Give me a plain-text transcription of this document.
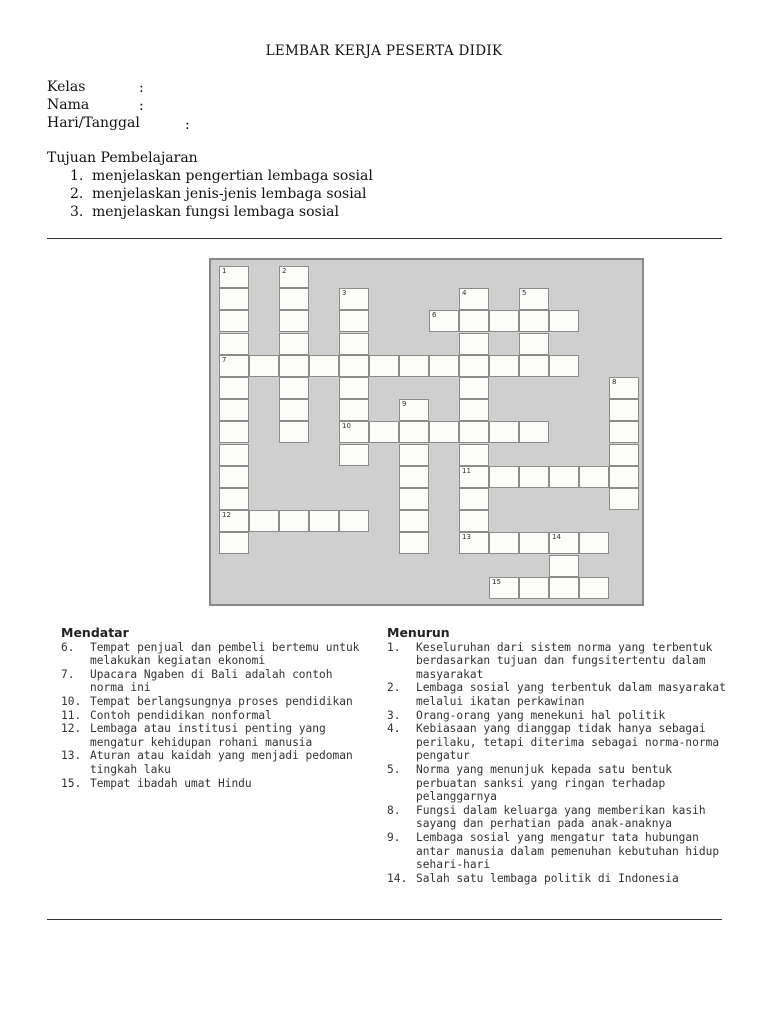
LEMBAR KERJA PESERTA DIDIK
Kelas	:
Nama	:
Hari/Tanggal	:
Tujuan Pembelajaran
1. menjelaskan pengertian lembaga sosial
2. menjelaskan jenis-jenis lembaga sosial
3. menjelaskan fungsi lembaga sosial
1
7
12
2
3
10
4
11
13
5
6
8
9
14
15
Mendatar
6.	Tempat penjual dan pembeli bertemu untuk melakukan kegiatan ekonomi
7.	Upacara Ngaben di Bali adalah contoh norma ini
10. Tempat berlangsungnya proses pendidikan
11. Contoh pendidikan nonformal
12. Lembaga atau institusi penting yang mengatur kehidupan rohani manusia
13. Aturan atau kaidah yang menjadi pedoman tingkah laku
15. Tempat ibadah umat Hindu
Menurun
1.	Keseluruhan dari sistem norma yang terbentuk berdasarkan tujuan dan fungsitertentu dalam masyarakat
2.	Lembaga sosial yang terbentuk dalam masyarakat melalui ikatan perkawinan
3.	Orang-orang yang menekuni hal politik
4.	Kebiasaan yang dianggap tidak hanya sebagai perilaku, tetapi diterima sebagai norma-norma pengatur
5.	Norma yang menunjuk kepada satu bentuk perbuatan sanksi yang ringan terhadap pelanggarnya
8.	Fungsi dalam keluarga yang memberikan kasih sayang dan perhatian pada anak-anaknya
9.	Lembaga sosial yang mengatur tata hubungan antar manusia dalam pemenuhan kebutuhan hidup sehari-hari
14. Salah satu lembaga politik di Indonesia
